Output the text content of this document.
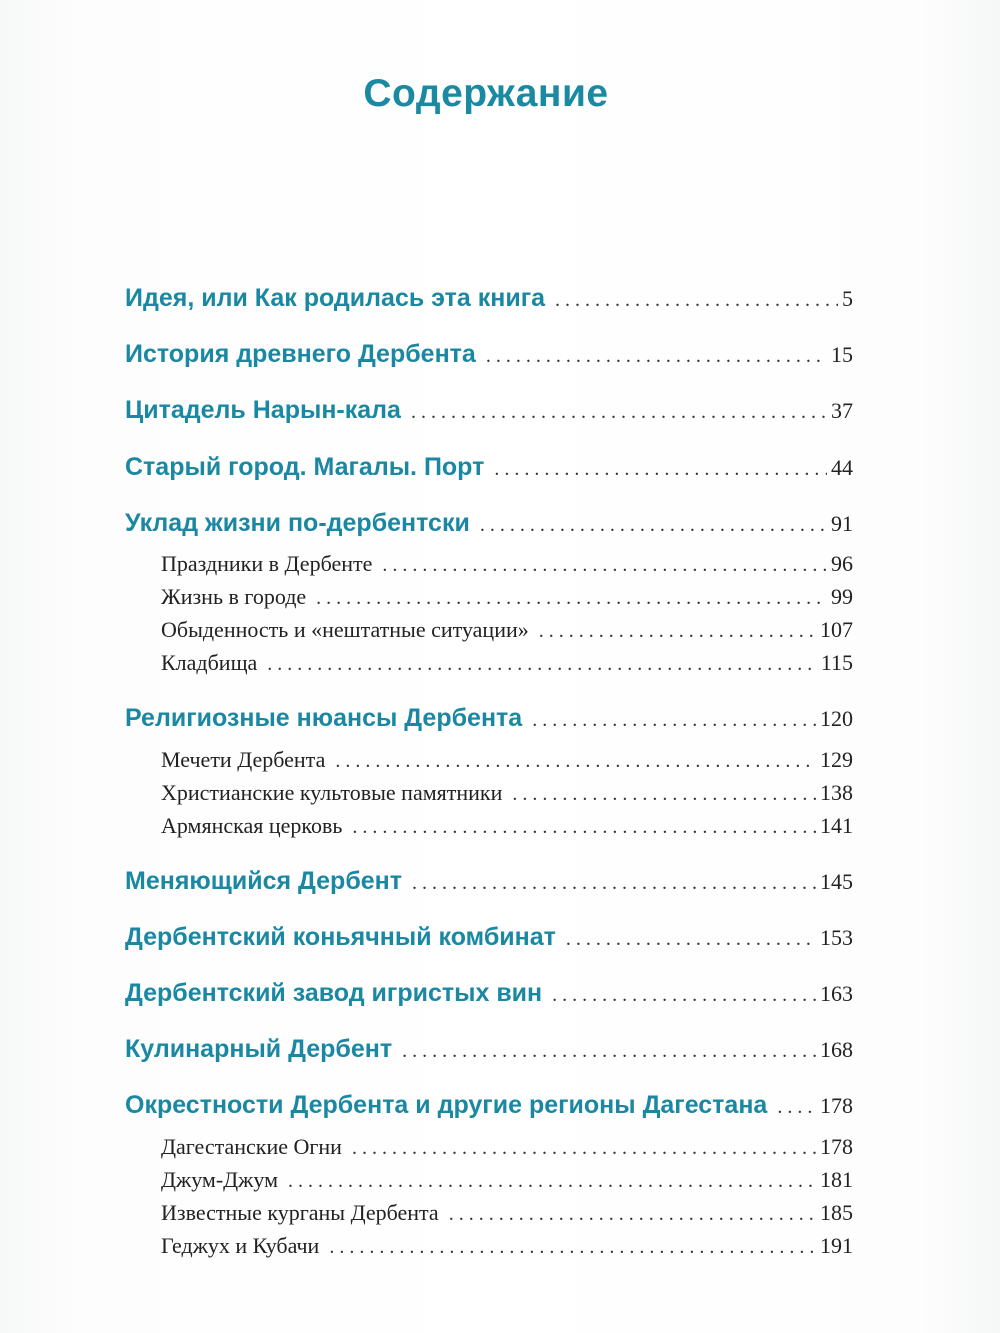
Содержание
Идея, или Как родилась эта книга . . .	5
История древнего Дербента . . .	15
Цитадель Нарын-кала . . .	37
Старый город. Магалы. Порт . . .	44
Уклад жизни по-дербентски . . .	91
Праздники в Дербенте . . .	96
Жизнь в городе . . .	99
Обыденность и «нештатные ситуации» . . .	107
Кладбища . . .	115
Религиозные нюансы Дербента . . .	120
Мечети Дербента . . .	129
Христианские культовые памятники . . .	138
Армянская церковь . . .	141
Меняющийся Дербент . . .	145
Дербентский коньячный комбинат . . .	153
Дербентский завод игристых вин . . .	163
Кулинарный Дербент . . .	168
Окрестности Дербента и другие регионы Дагестана . . . 178
Дагестанские Огни . . .	178
Джум-Джум . . .	181
Известные курганы Дербента . . .	185
Геджух и Кубачи . . .	191
